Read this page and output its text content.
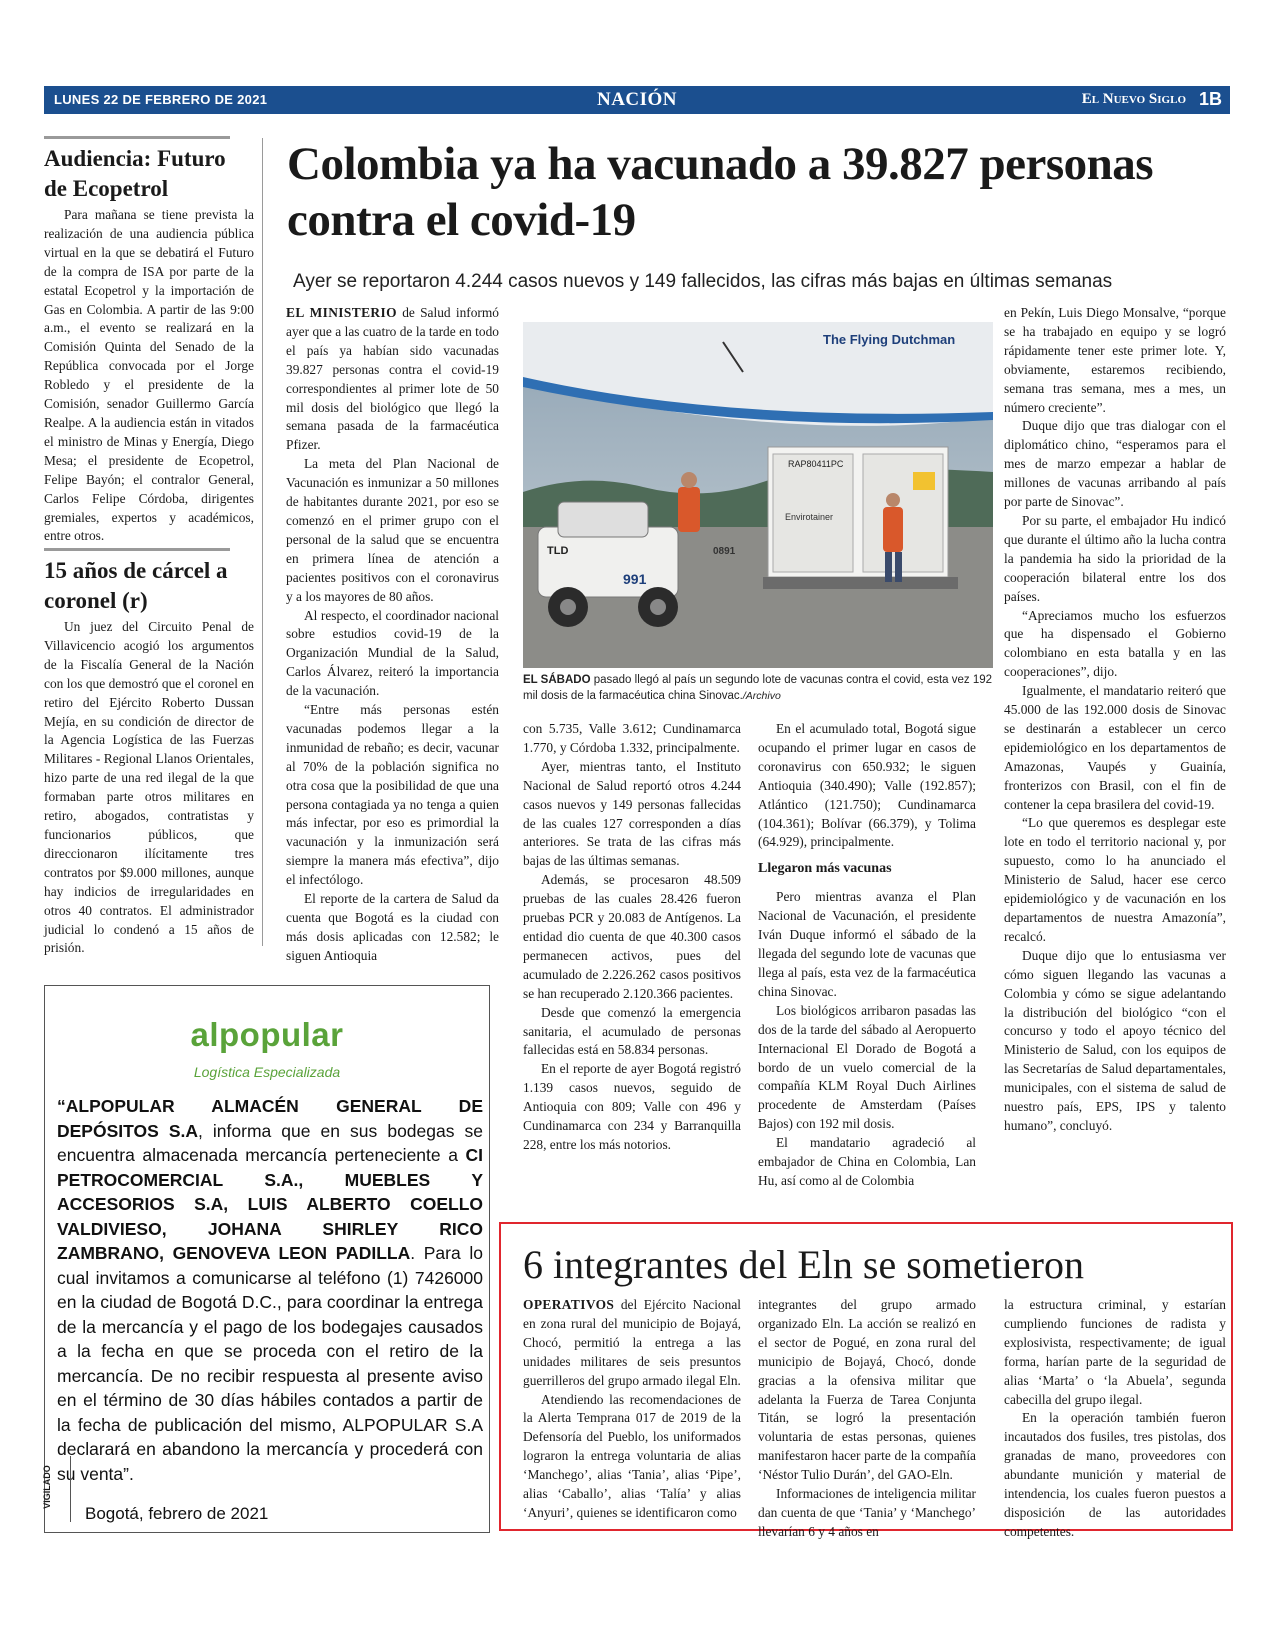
LUNES 22 DE FEBRERO DE 2021	NACIÓN	El Nuevo Siglo 1B
Audiencia: Futuro de Ecopetrol
Para mañana se tiene prevista la realización de una audiencia pública virtual en la que se debatirá el Futuro de la compra de ISA por parte de la estatal Ecopetrol y la importación de Gas en Colombia. A partir de las 9:00 a.m., el evento se realizará en la Comisión Quinta del Senado de la República convocada por el Jorge Robledo y el presidente de la Comisión, senador Guillermo García Realpe. A la audiencia están in vitados el ministro de Minas y Energía, Diego Mesa; el presidente de Ecopetrol, Felipe Bayón; el contralor General, Carlos Felipe Córdoba, dirigentes gremiales, expertos y académicos, entre otros.
15 años de cárcel a coronel (r)
Un juez del Circuito Penal de Villavicencio acogió los argumentos de la Fiscalía General de la Nación con los que demostró que el coronel en retiro del Ejército Roberto Dussan Mejía, en su condición de director de la Agencia Logística de las Fuerzas Militares - Regional Llanos Orientales, hizo parte de una red ilegal de la que formaban parte otros militares en retiro, abogados, contratistas y funcionarios públicos, que direccionaron ilícitamente tres contratos por $9.000 millones, aunque hay indicios de irregularidades en otros 40 contratos. El administrador judicial lo condenó a 15 años de prisión.
Colombia ya ha vacunado a 39.827 personas contra el covid-19
Ayer se reportaron 4.244 casos nuevos y 149 fallecidos, las cifras más bajas en últimas semanas

EL MINISTERIO de Salud informó ayer que a las cuatro de la tarde en todo el país ya habían sido vacunadas 39.827 personas contra el covid-19 correspondientes al primer lote de 50 mil dosis del biológico que llegó la semana pasada de la farmacéutica Pfizer.

La meta del Plan Nacional de Vacunación es inmunizar a 50 millones de habitantes durante 2021, por eso se comenzó en el primer grupo con el personal de la salud que se encuentra en primera línea de atención a pacientes positivos con el coronavirus y a los mayores de 80 años.

Al respecto, el coordinador nacional sobre estudios covid-19 de la Organización Mundial de la Salud, Carlos Álvarez, reiteró la importancia de la vacunación.

“Entre más personas estén vacunadas podemos llegar a la inmunidad de rebaño; es decir, vacunar al 70% de la población significa no otra cosa que la posibilidad de que una persona contagiada ya no tenga a quien más infectar, por eso es primordial la vacunación y la inmunización será siempre la manera más efectiva”, dijo el infectólogo.

El reporte de la cartera de Salud da cuenta que Bogotá es la ciudad con más dosis aplicadas con 12.582; le siguen Antioquia

The Flying Dutchman
RAP80411PC
Envirotainer
TLD
991
0891
EL SÁBADO pasado llegó al país un segundo lote de vacunas contra el covid, esta vez 192 mil dosis de la farmacéutica china Sinovac./Archivo

con 5.735, Valle 3.612; Cundinamarca 1.770, y Córdoba 1.332, principalmente.

Ayer, mientras tanto, el Instituto Nacional de Salud reportó otros 4.244 casos nuevos y 149 personas fallecidas de las cuales 127 corresponden a días anteriores. Se trata de las cifras más bajas de las últimas semanas.

Además, se procesaron 48.509 pruebas de las cuales 28.426 fueron pruebas PCR y 20.083 de Antígenos. La entidad dio cuenta de que 40.300 casos permanecen activos, pues del acumulado de 2.226.262 casos positivos se han recuperado 2.120.366 pacientes.

Desde que comenzó la emergencia sanitaria, el acumulado de personas fallecidas está en 58.834 personas.

En el reporte de ayer Bogotá registró 1.139 casos nuevos, seguido de Antioquia con 809; Valle con 496 y Cundinamarca con 234 y Barranquilla 228, entre los más notorios.

En el acumulado total, Bogotá sigue ocupando el primer lugar en casos de coronavirus con 650.932; le siguen Antioquia (340.490); Valle (192.857); Atlántico (121.750); Cundinamarca (104.361); Bolívar (66.379), y Tolima (64.929), principalmente.

Llegaron más vacunas

Pero mientras avanza el Plan Nacional de Vacunación, el presidente Iván Duque informó el sábado de la llegada del segundo lote de vacunas que llega al país, esta vez de la farmacéutica china Sinovac.

Los biológicos arribaron pasadas las dos de la tarde del sábado al Aeropuerto Internacional El Dorado de Bogotá a bordo de un vuelo comercial de la compañía KLM Royal Duch Airlines procedente de Amsterdam (Países Bajos) con 192 mil dosis.

El mandatario agradeció al embajador de China en Colombia, Lan Hu, así como al de Colombia

en Pekín, Luis Diego Monsalve, “porque se ha trabajado en equipo y se logró rápidamente tener este primer lote. Y, obviamente, estaremos recibiendo, semana tras semana, mes a mes, un número creciente”.

Duque dijo que tras dialogar con el diplomático chino, “esperamos para el mes de marzo empezar a hablar de millones de vacunas arribando al país por parte de Sinovac”.

Por su parte, el embajador Hu indicó que durante el último año la lucha contra la pandemia ha sido la prioridad de la cooperación bilateral entre los dos países.

“Apreciamos mucho los esfuerzos que ha dispensado el Gobierno colombiano en esta batalla y en las cooperaciones”, dijo.

Igualmente, el mandatario reiteró que 45.000 de las 192.000 dosis de Sinovac se destinarán a establecer un cerco epidemiológico en los departamentos de Amazonas, Vaupés y Guainía, fronterizos con Brasil, con el fin de contener la cepa brasilera del covid-19.

“Lo que queremos es desplegar este lote en todo el territorio nacional y, por supuesto, como lo ha anunciado el Ministerio de Salud, hacer ese cerco epidemiológico y de vacunación en los departamentos de nuestra Amazonía”, recalcó.

Duque dijo que lo entusiasma ver cómo siguen llegando las vacunas a Colombia y cómo se sigue adelantando la distribución del biológico “con el concurso y todo el apoyo técnico del Ministerio de Salud, con los equipos de las Secretarías de Salud departamentales, municipales, con el sistema de salud de nuestro país, EPS, IPS y talento humano”, concluyó.

alpopular
Logística Especializada
“ALPOPULAR ALMACÉN GENERAL DE DEPÓSITOS S.A, informa que en sus bodegas se encuentra almacenada mercancía perteneciente a CI PETROCOMERCIAL S.A., MUEBLES Y ACCESORIOS S.A, LUIS ALBERTO COELLO VALDIVIESO, JOHANA SHIRLEY RICO ZAMBRANO, GENOVEVA LEON PADILLA. Para lo cual invitamos a comunicarse al teléfono (1) 7426000 en la ciudad de Bogotá D.C., para coordinar la entrega de la mercancía y el pago de los bodegajes causados a la fecha en que se proceda con el retiro de la mercancía. De no recibir respuesta al presente aviso en el término de 30 días hábiles contados a partir de la fecha de publicación del mismo, ALPOPULAR S.A declarará en abandono la mercancía y procederá con su venta”.
VIGILADO
Bogotá, febrero de 2021
6 integrantes del Eln se sometieron

OPERATIVOS del Ejército Nacional en zona rural del municipio de Bojayá, Chocó, permitió la entrega a las unidades militares de seis presuntos guerrilleros del grupo armado ilegal Eln.

Atendiendo las recomendaciones de la Alerta Temprana 017 de 2019 de la Defensoría del Pueblo, los uniformados lograron la entrega voluntaria de alias ‘Manchego’, alias ‘Tania’, alias ‘Pipe’, alias ‘Caballo’, alias ‘Talía’ y alias ‘Anyuri’, quienes se identificaron como

integrantes del grupo armado organizado Eln. La acción se realizó en el sector de Pogué, en zona rural del municipio de Bojayá, Chocó, donde gracias a la ofensiva militar que adelanta la Fuerza de Tarea Conjunta Titán, se logró la presentación voluntaria de estas personas, quienes manifestaron hacer parte de la compañía ‘Néstor Tulio Durán’, del GAO-Eln.

Informaciones de inteligencia militar dan cuenta de que ‘Tania’ y ‘Manchego’ llevarían 6 y 4 años en

la estructura criminal, y estarían cumpliendo funciones de radista y explosivista, respectivamente; de igual forma, harían parte de la seguridad de alias ‘Marta’ o ‘la Abuela’, segunda cabecilla del grupo ilegal.

En la operación también fueron incautados dos fusiles, tres pistolas, dos granadas de mano, proveedores con abundante munición y material de intendencia, los cuales fueron puestos a disposición de las autoridades competentes.
